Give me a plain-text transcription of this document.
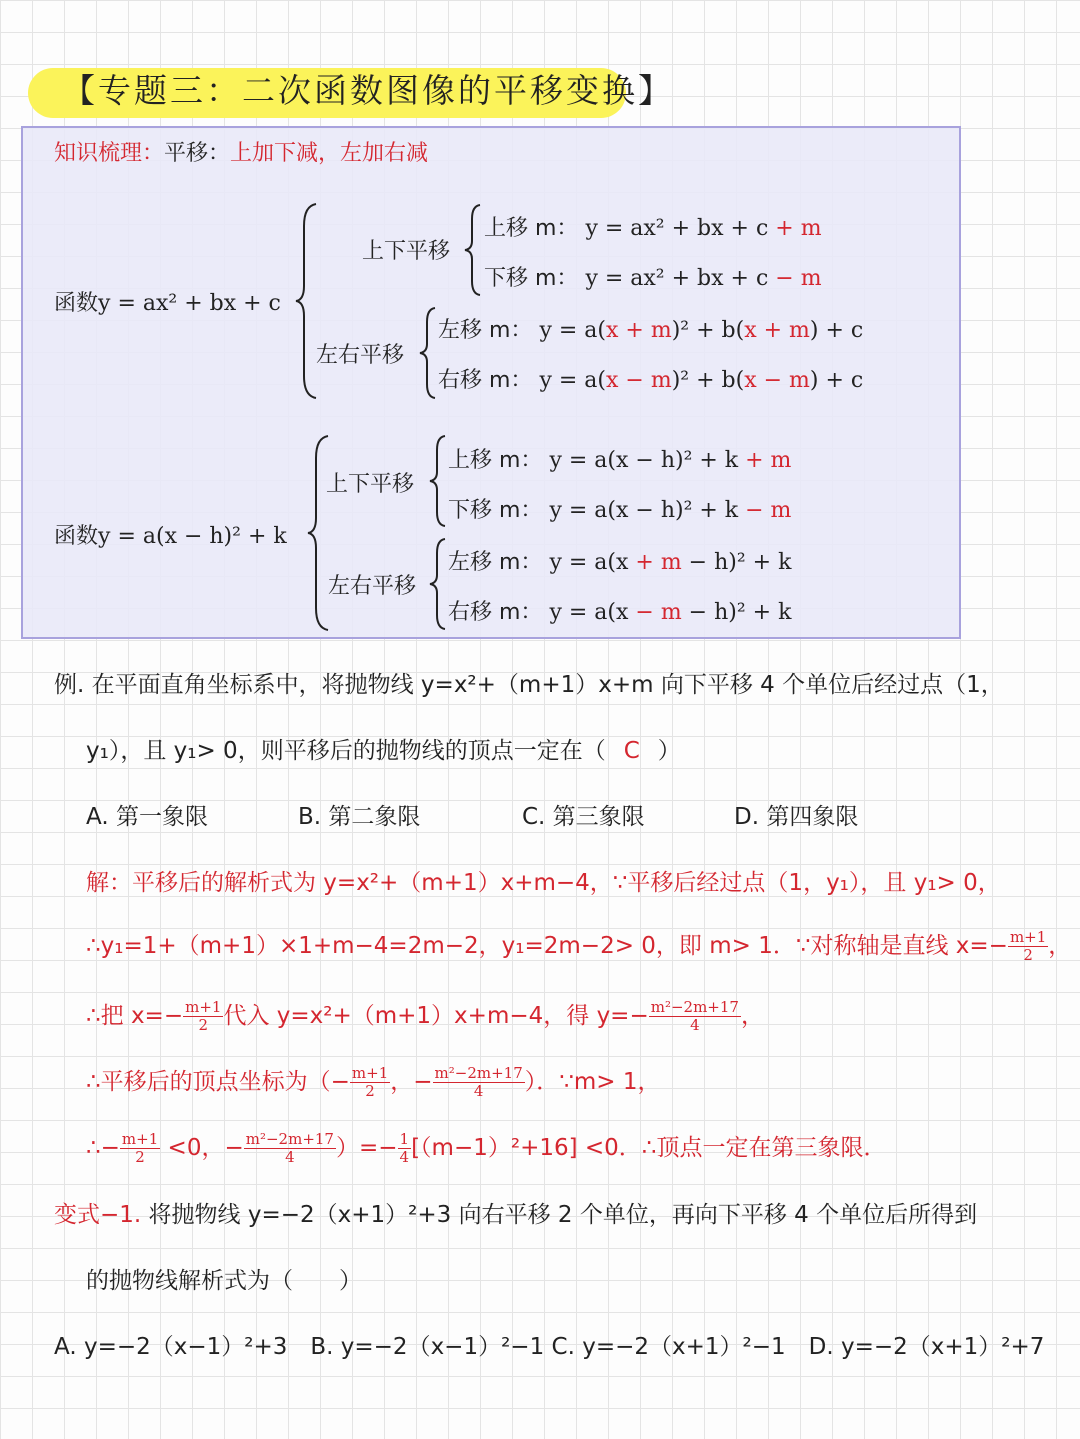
【专题三：二次函数图像的平移变换】
知识梳理：平移：上加下减，左加右减
函数y = ax² + bx + c
上下平移
上移 m： y = ax² + bx + c + m
下移 m： y = ax² + bx + c − m
左右平移
左移 m： y = a(x + m)² + b(x + m) + c
右移 m： y = a(x − m)² + b(x − m) + c
函数y = a(x − h)² + k
上下平移
上移 m： y = a(x − h)² + k + m
下移 m： y = a(x − h)² + k − m
左右平移
左移 m： y = a(x + m − h)² + k
右移 m： y = a(x − m − h)² + k
例. 在平面直角坐标系中，将抛物线 y=x²+（m+1）x+m 向下平移 4 个单位后经过点（1，
y₁），且 y₁> 0，则平移后的抛物线的顶点一定在（ C ）
A. 第一象限	B. 第二象限	C. 第三象限	D. 第四象限
解：平移后的解析式为 y=x²+（m+1）x+m−4，∵平移后经过点（1，y₁），且 y₁> 0，
∴y₁=1+（m+1）×1+m−4=2m−2，y₁=2m−2> 0，即 m> 1．∵对称轴是直线 $x=- \frac{m+1}{2}$ ，
∴把 $x=- \frac{m+1}{2}$ 代入 y=x²+（m+1）x+m−4，得 $y=- \frac{\text{m²−2m+17}}{4}$ ，
∴平移后的顶点坐标为（− $\frac{m+1}{2}$ ，− $\frac{\text{m²−2m+17}}{4}$ ）．∵m> 1，
∴− $\frac{m+1}{2} <0$，− $\frac{\text{m²−2m+17}}{4}$ ）=− $\frac{1}{4} [(m-1)^2+16] <0$．∴顶点一定在第三象限．
变式−1. 将抛物线 y=−2（x+1）²+3 向右平移 2 个单位，再向下平移 4 个单位后所得到
的抛物线解析式为（　　）
A. y=−2（x−1）²+3　B. y=−2（x−1）²−1 C. y=−2（x+1）²−1　D. y=−2（x+1）²+7
